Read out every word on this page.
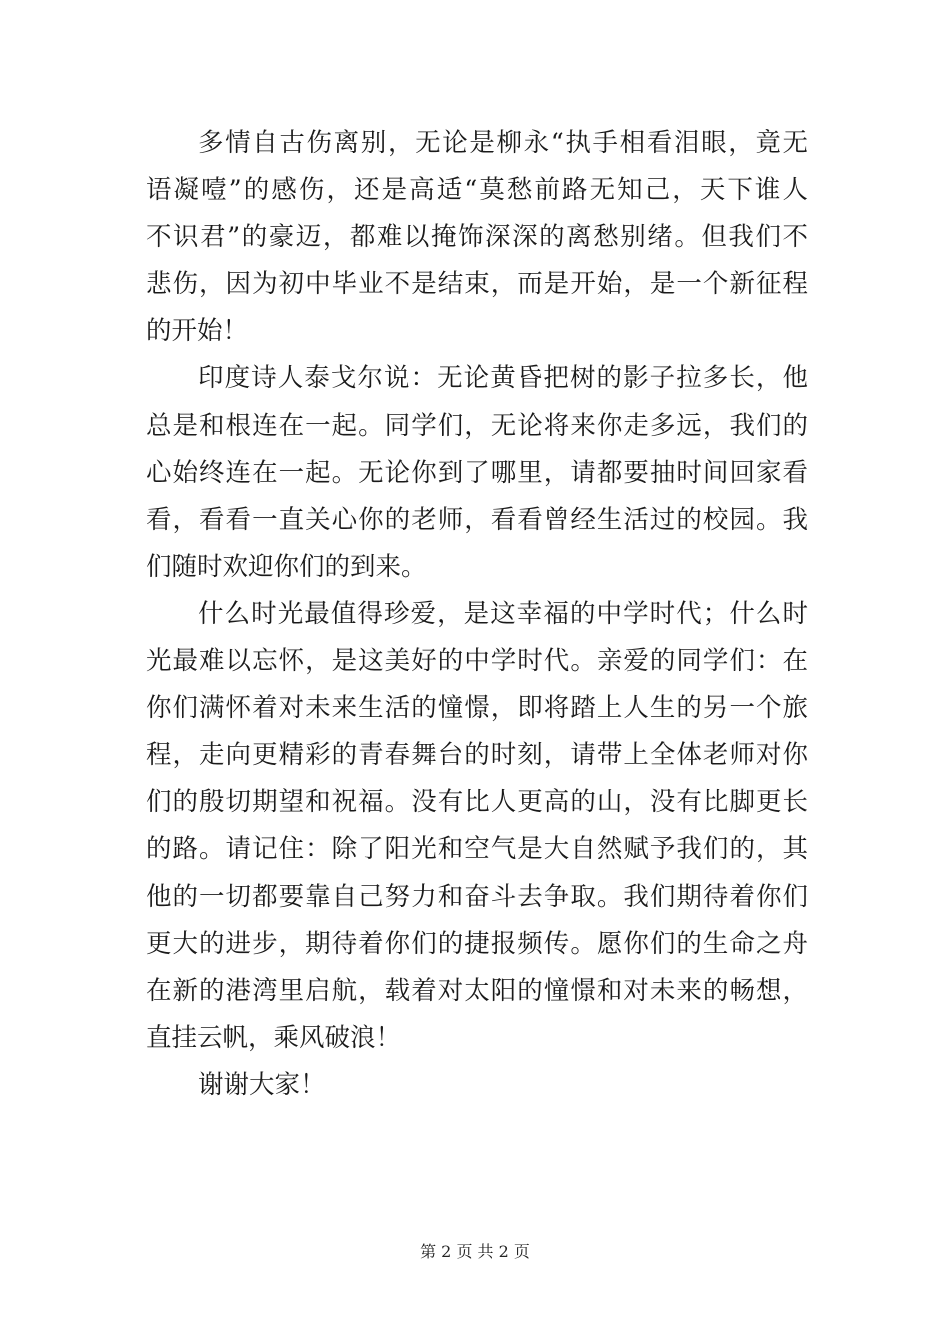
多情自古伤离别，无论是柳永“执手相看泪眼，竟无
语凝噎”的感伤，还是高适“莫愁前路无知己，天下谁人
不识君”的豪迈，都难以掩饰深深的离愁别绪。但我们不
悲伤，因为初中毕业不是结束，而是开始，是一个新征程
的开始！
印度诗人泰戈尔说：无论黄昏把树的影子拉多长，他
总是和根连在一起。同学们，无论将来你走多远，我们的
心始终连在一起。无论你到了哪里，请都要抽时间回家看
看，看看一直关心你的老师，看看曾经生活过的校园。我
们随时欢迎你们的到来。
什么时光最值得珍爱，是这幸福的中学时代；什么时
光最难以忘怀，是这美好的中学时代。亲爱的同学们：在
你们满怀着对未来生活的憧憬，即将踏上人生的另一个旅
程，走向更精彩的青春舞台的时刻，请带上全体老师对你
们的殷切期望和祝福。没有比人更高的山，没有比脚更长
的路。请记住：除了阳光和空气是大自然赋予我们的，其
他的一切都要靠自己努力和奋斗去争取。我们期待着你们
更大的进步，期待着你们的捷报频传。愿你们的生命之舟
在新的港湾里启航，载着对太阳的憧憬和对未来的畅想，
直挂云帆，乘风破浪！
谢谢大家！
第 2 页 共 2 页
